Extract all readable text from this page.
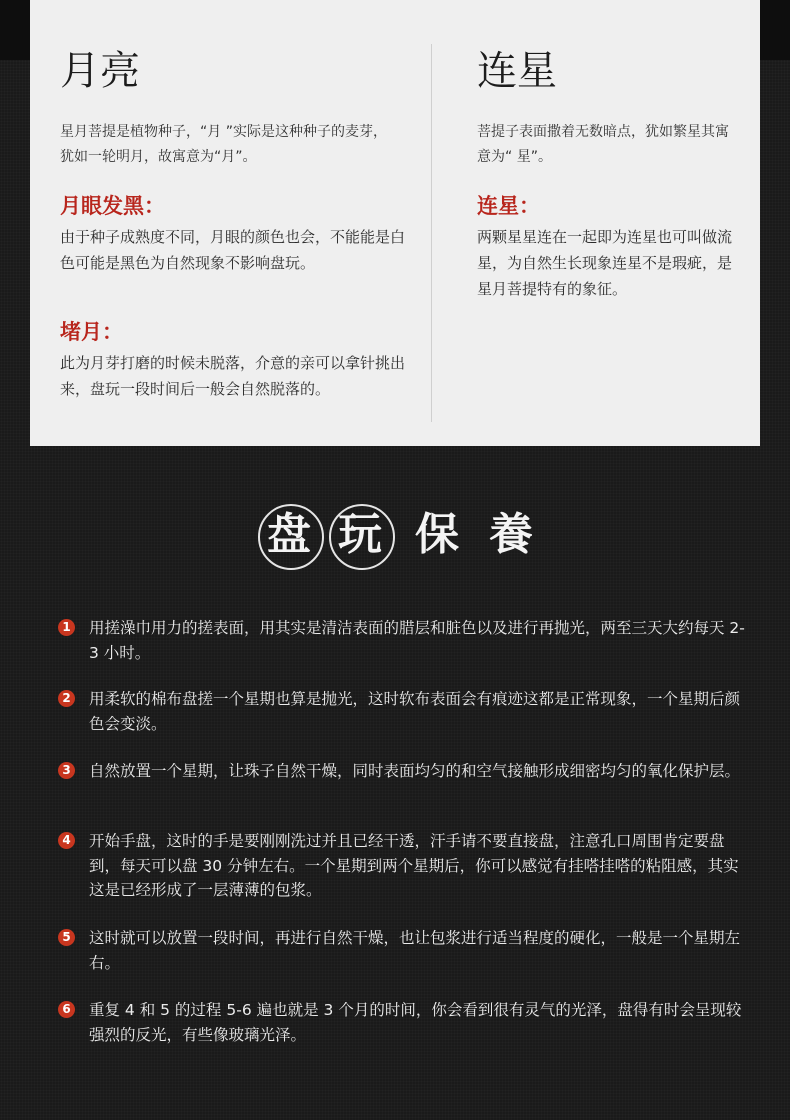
月亮

星月菩提是植物种子，“月 ”实际是这种种子的麦芽，犹如一轮明月，故寓意为“月”。

月眼发黑：

由于种子成熟度不同，月眼的颜色也会，不能能是白色可能是黑色为自然现象不影响盘玩。

堵月：

此为月芽打磨的时候未脱落，介意的亲可以拿针挑出来，盘玩一段时间后一般会自然脱落的。

连星

菩提子表面撒着无数暗点，犹如繁星其寓意为“ 星”。

连星：

两颗星星连在一起即为连星也可叫做流星，为自然生长现象连星不是瑕疵，是星月菩提特有的象征。

盘 玩 保 養
1 用搓澡巾用力的搓表面，用其实是清洁表面的腊层和脏色以及进行再抛光，两至三天大约每天 2-3 小时。

2 用柔软的棉布盘搓一个星期也算是抛光，这时软布表面会有痕迹这都是正常现象，一个星期后颜色会变淡。

3 自然放置一个星期，让珠子自然干燥，同时表面均匀的和空气接触形成细密均匀的氧化保护层。

4 开始手盘，这时的手是要刚刚洗过并且已经干透，汗手请不要直接盘，注意孔口周围肯定要盘到，每天可以盘 30 分钟左右。一个星期到两个星期后，你可以感觉有挂嗒挂嗒的粘阻感，其实这是已经形成了一层薄薄的包浆。

5 这时就可以放置一段时间，再进行自然干燥，也让包浆进行适当程度的硬化，一般是一个星期左右。

6 重复 4 和 5 的过程 5-6 遍也就是 3 个月的时间，你会看到很有灵气的光泽，盘得有时会呈现较强烈的反光，有些像玻璃光泽。
